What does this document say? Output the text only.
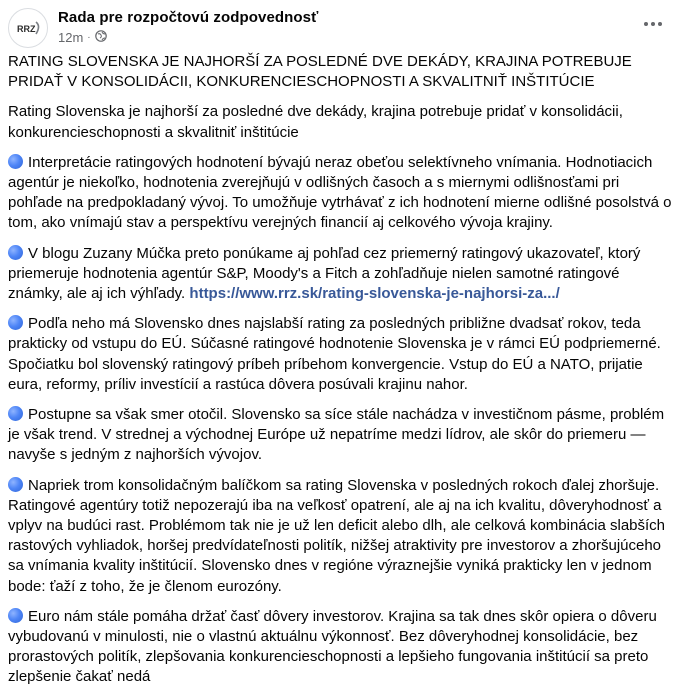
RRZ
Rada pre rozpočtovú zodpovednosť
12m ·

RATING SLOVENSKA JE NAJHORŠÍ ZA POSLEDNÉ DVE DEKÁDY, KRAJINA POTREBUJE PRIDAŤ V KONSOLIDÁCII, KONKURENCIESCHOPNOSTI A SKVALITNIŤ INŠTITÚCIE

Rating Slovenska je najhorší za posledné dve dekády, krajina potrebuje pridať v konsolidácii, konkurencieschopnosti a skvalitniť inštitúcie

Interpretácie ratingových hodnotení bývajú neraz obeťou selektívneho vnímania. Hodnotiacich agentúr je niekoľko, hodnotenia zverejňujú v odlišných časoch a s miernymi odlišnosťami pri pohľade na predpokladaný vývoj. To umožňuje vytrhávať z ich hodnotení mierne odlišné posolstvá o tom, ako vnímajú stav a perspektívu verejných financií aj celkového vývoja krajiny.

V blogu Zuzany Múčka preto ponúkame aj pohľad cez priemerný ratingový ukazovateľ, ktorý priemeruje hodnotenia agentúr S&P, Moody's a Fitch a zohľadňuje nielen samotné ratingové známky, ale aj ich výhľady. https://www.rrz.sk/rating-slovenska-je-najhorsi-za.../

Podľa neho má Slovensko dnes najslabší rating za posledných približne dvadsať rokov, teda prakticky od vstupu do EÚ. Súčasné ratingové hodnotenie Slovenska je v rámci EÚ podpriemerné. Spočiatku bol slovenský ratingový príbeh príbehom konvergencie. Vstup do EÚ a NATO, prijatie eura, reformy, príliv investícií a rastúca dôvera posúvali krajinu nahor.

Postupne sa však smer otočil. Slovensko sa síce stále nachádza v investičnom pásme, problém je však trend. V strednej a východnej Európe už nepatríme medzi lídrov, ale skôr do priemeru — navyše s jedným z najhorších vývojov.

Napriek trom konsolidačným balíčkom sa rating Slovenska v posledných rokoch ďalej zhoršuje. Ratingové agentúry totiž nepozerajú iba na veľkosť opatrení, ale aj na ich kvalitu, dôveryhodnosť a vplyv na budúci rast. Problémom tak nie je už len deficit alebo dlh, ale celková kombinácia slabších rastových vyhliadok, horšej predvídateľnosti politík, nižšej atraktivity pre investorov a zhoršujúceho sa vnímania kvality inštitúcií. Slovensko dnes v regióne výraznejšie vyniká prakticky len v jednom bode: ťaží z toho, že je členom eurozóny.

Euro nám stále pomáha držať časť dôvery investorov. Krajina sa tak dnes skôr opiera o dôveru vybudovanú v minulosti, nie o vlastnú aktuálnu výkonnosť. Bez dôveryhodnej konsolidácie, bez prorastových politík, zlepšovania konkurencieschopnosti a lepšieho fungovania inštitúcií sa preto zlepšenie čakať nedá
